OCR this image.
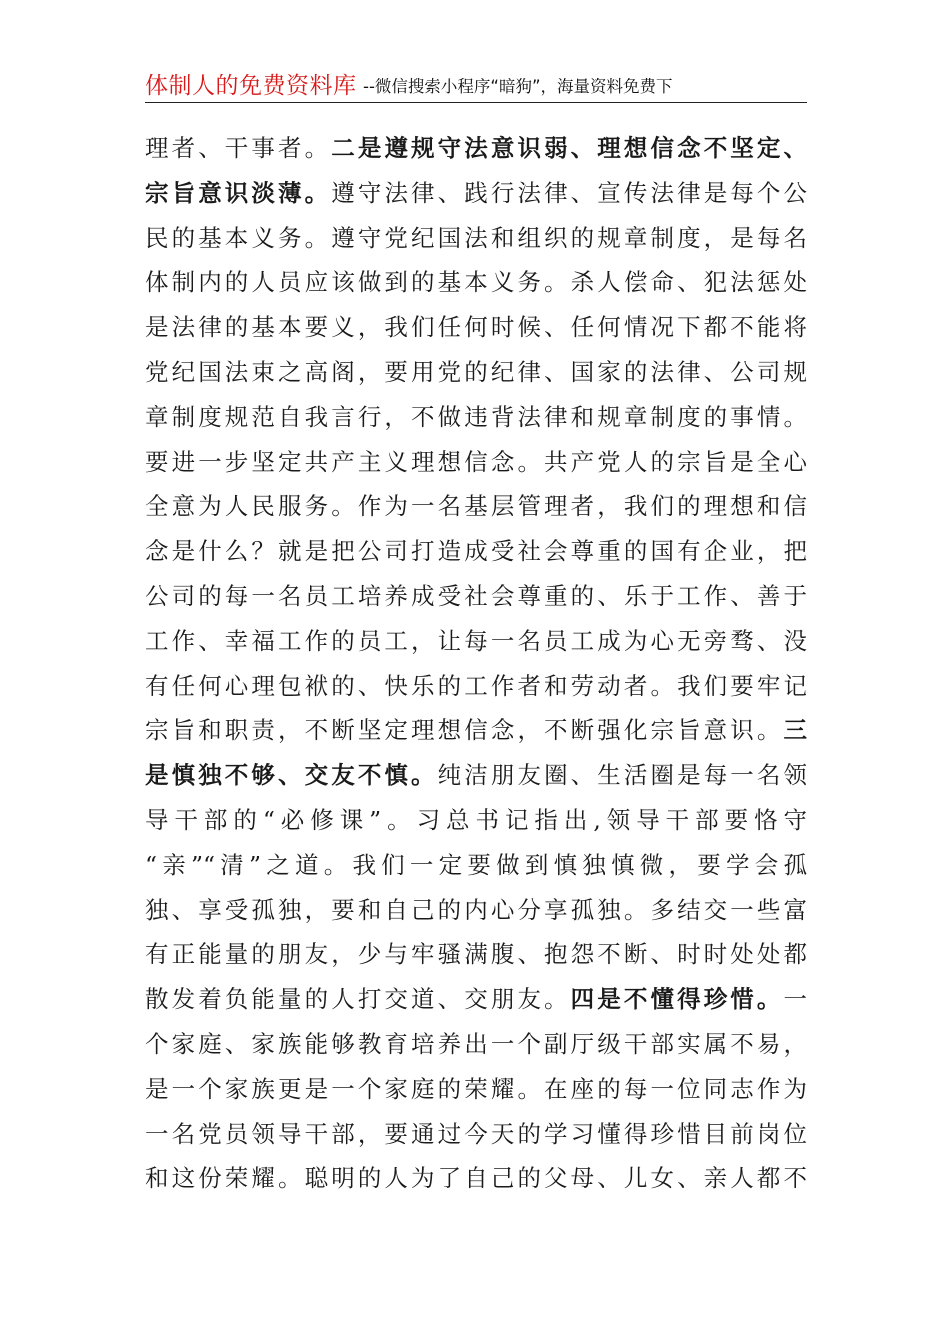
体制人的免费资料库 --微信搜索小程序“暗狗”，海量资料免费下
理者、干事者。二是遵规守法意识弱、理想信念不坚定、
宗旨意识淡薄。遵守法律、践行法律、宣传法律是每个公
民的基本义务。遵守党纪国法和组织的规章制度，是每名
体制内的人员应该做到的基本义务。杀人偿命、犯法惩处
是法律的基本要义，我们任何时候、任何情况下都不能将
党纪国法束之高阁，要用党的纪律、国家的法律、公司规
章制度规范自我言行，不做违背法律和规章制度的事情。
要进一步坚定共产主义理想信念。共产党人的宗旨是全心
全意为人民服务。作为一名基层管理者，我们的理想和信
念是什么？就是把公司打造成受社会尊重的国有企业，把
公司的每一名员工培养成受社会尊重的、乐于工作、善于
工作、幸福工作的员工，让每一名员工成为心无旁骛、没
有任何心理包袱的、快乐的工作者和劳动者。我们要牢记
宗旨和职责，不断坚定理想信念，不断强化宗旨意识。三
是慎独不够、交友不慎。纯洁朋友圈、生活圈是每一名领
导干部的“必修课”。习总书记指出,领导干部要恪守
“亲”“清”之道。我们一定要做到慎独慎微，要学会孤
独、享受孤独，要和自己的内心分享孤独。多结交一些富
有正能量的朋友，少与牢骚满腹、抱怨不断、时时处处都
散发着负能量的人打交道、交朋友。四是不懂得珍惜。一
个家庭、家族能够教育培养出一个副厅级干部实属不易，
是一个家族更是一个家庭的荣耀。在座的每一位同志作为
一名党员领导干部，要通过今天的学习懂得珍惜目前岗位
和这份荣耀。聪明的人为了自己的父母、儿女、亲人都不
